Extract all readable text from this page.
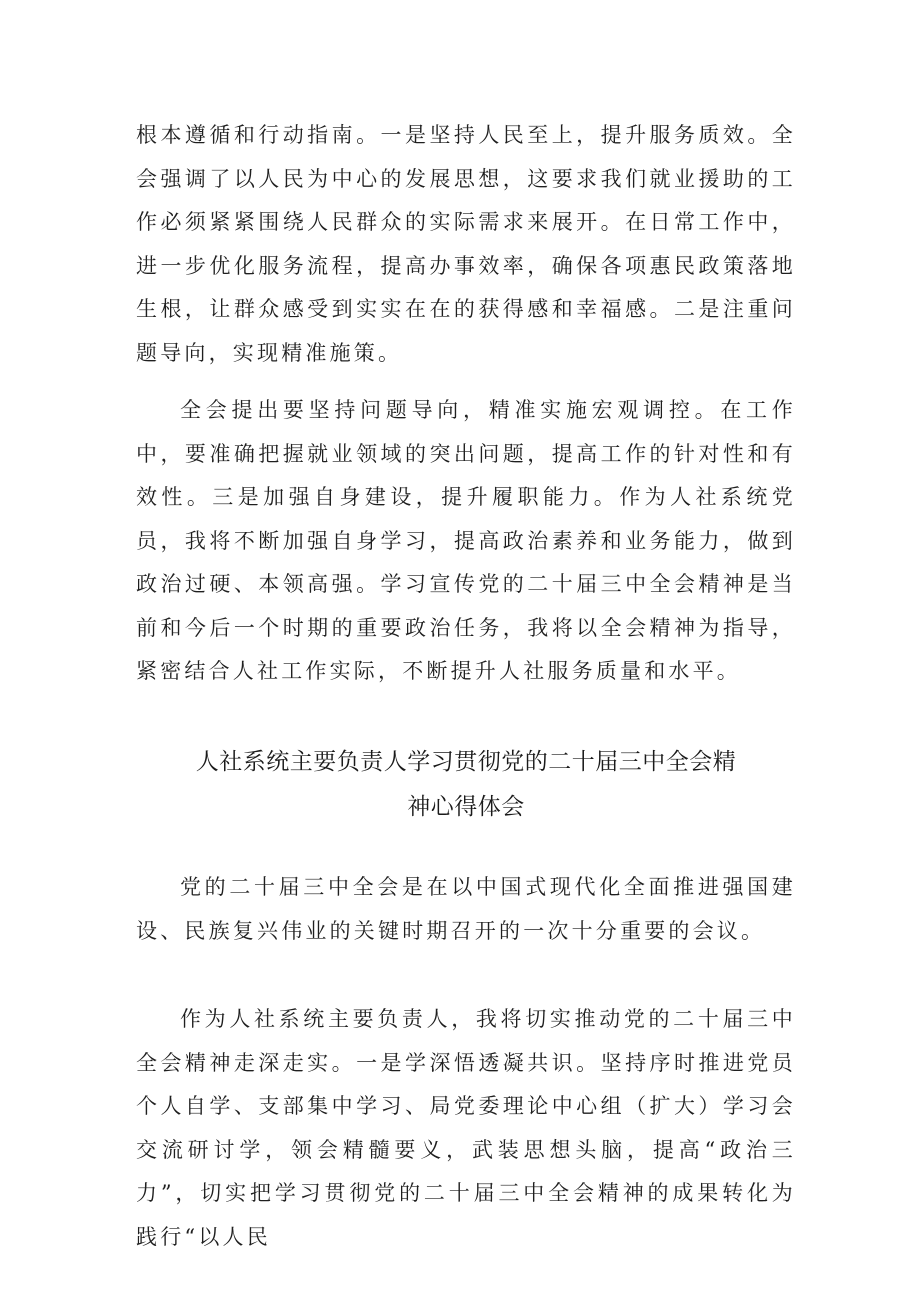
根本遵循和行动指南。一是坚持人民至上，提升服务质效。全会强调了以人民为中心的发展思想，这要求我们就业援助的工作必须紧紧围绕人民群众的实际需求来展开。在日常工作中，进一步优化服务流程，提高办事效率，确保各项惠民政策落地生根，让群众感受到实实在在的获得感和幸福感。二是注重问题导向，实现精准施策。

全会提出要坚持问题导向，精准实施宏观调控。在工作中，要准确把握就业领域的突出问题，提高工作的针对性和有效性。三是加强自身建设，提升履职能力。作为人社系统党员，我将不断加强自身学习，提高政治素养和业务能力，做到政治过硬、本领高强。学习宣传党的二十届三中全会精神是当前和今后一个时期的重要政治任务，我将以全会精神为指导，紧密结合人社工作实际，不断提升人社服务质量和水平。

人社系统主要负责人学习贯彻党的二十届三中全会精
神心得体会

党的二十届三中全会是在以中国式现代化全面推进强国建设、民族复兴伟业的关键时期召开的一次十分重要的会议。

作为人社系统主要负责人，我将切实推动党的二十届三中全会精神走深走实。一是学深悟透凝共识。坚持序时推进党员个人自学、支部集中学习、局党委理论中心组（扩大）学习会交流研讨学，领会精髓要义，武装思想头脑，提高“政治三力”，切实把学习贯彻党的二十届三中全会精神的成果转化为践行“以人民
